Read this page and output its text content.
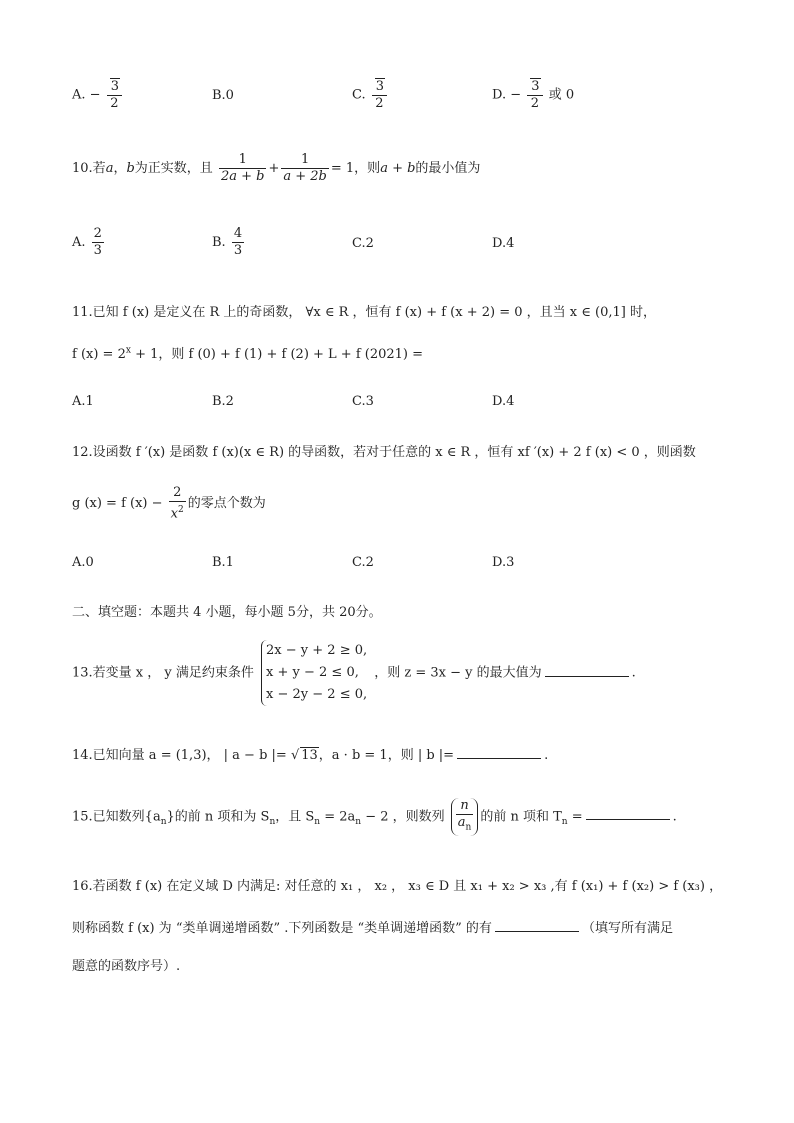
A. − $\frac{3}{2}$	B.0	C. $\frac{3}{2}$	D. − $\frac{3}{2}$ 或 0
10.若a，b为正实数，且 $\frac{1}{2a + b} + \frac{1}{a + 2b} = 1$，则a + b的最小值为
A. $\frac{2}{3}$	B. $\frac{4}{3}$	C.2	D.4
11.已知 f (x) 是定义在 R 上的奇函数， ∀x ∈ R ，恒有 f (x) + f (x + 2) = 0 ，且当 x ∈ (0,1] 时，
f $(x) = 2^x + 1$，则 f (0) + f (1) + f (2) + L + f (2021) =
A.1	B.2	C.3	D.4
12.设函数 f ′(x) 是函数 f (x)(x ∈ R) 的导函数，若对于任意的 x ∈ R ，恒有 xf ′(x) + 2 f (x) < 0 ，则函数
g (x) = f $(x) - \frac{2}{x^2}$ 的零点个数为
A.0	B.1	C.2	D.3
二、填空题：本题共 4 小题，每小题 5分，共 20分。
13.若变量 x ， y 满足约束条件
2x − y + 2 ≥ 0,
x + y − 2 ≤ 0,
x − 2y − 2 ≤ 0,
，则 z = 3x − y 的最大值为	.
14.已知向量 a = (1,3)， | a − b |= √ 13，a · b = 1，则 | b |=	.
15.已知数列$\{a_n\}$的前 n 项和为 $S_n$，且 $S_n = 2a_n - 2$ ，则数列 $\frac{n}{a_n}$ 的前 n 项和 $T_n$ =	.
16.若函数 f (x) 在定义域 D 内满足: 对任意的 x₁ ， x₂ ， x₃ ∈ D 且 x₁ + x₂ > x₃ ,有 f (x₁) + f (x₂) > f (x₃) ，
则称函数 f (x) 为 “类单调递增函数” .下列函数是 “类单调递增函数” 的有	（填写所有满足
题意的函数序号）.
